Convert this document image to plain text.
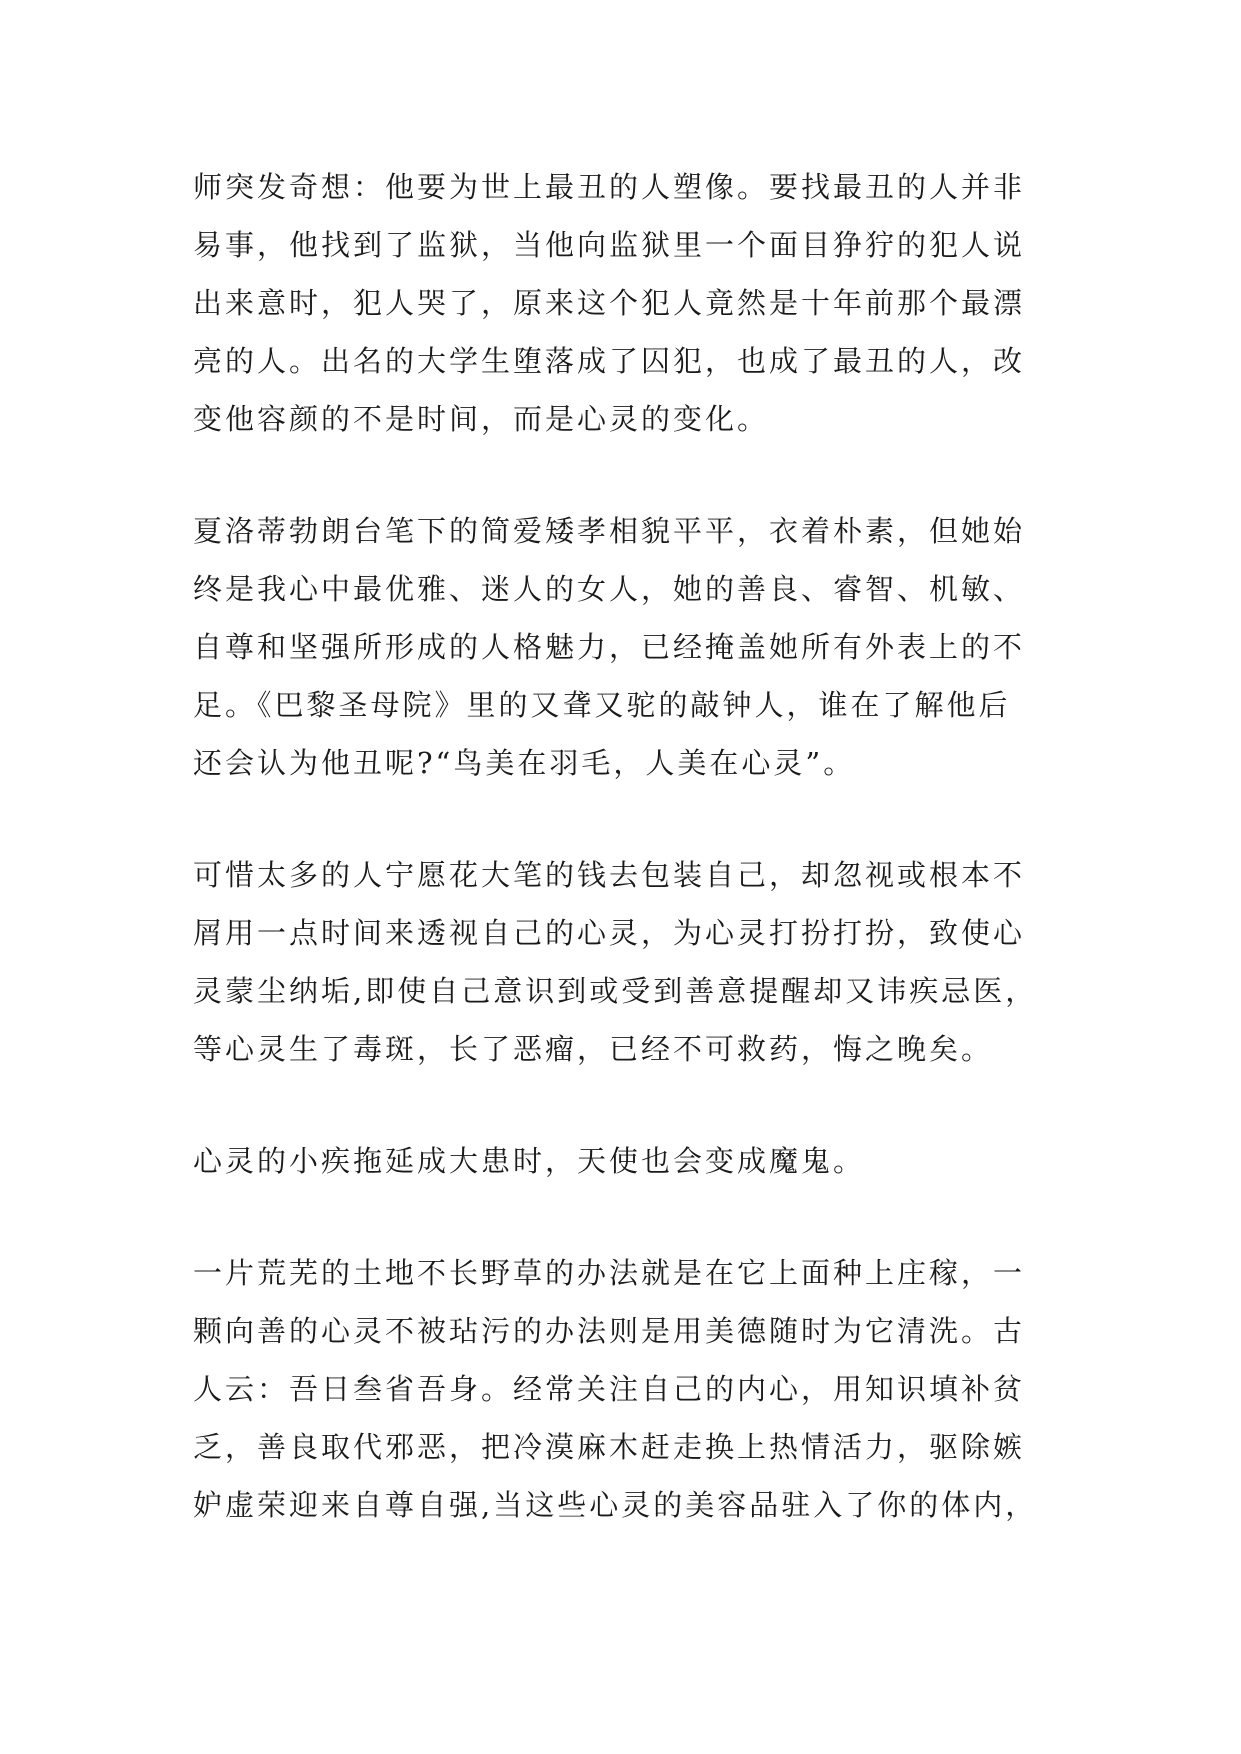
师突发奇想：他要为世上最丑的人塑像。要找最丑的人并非
易事，他找到了监狱，当他向监狱里一个面目狰狞的犯人说
出来意时，犯人哭了，原来这个犯人竟然是十年前那个最漂
亮的人。出名的大学生堕落成了囚犯，也成了最丑的人，改
变他容颜的不是时间，而是心灵的变化。
夏洛蒂勃朗台笔下的简爱矮孝相貌平平，衣着朴素，但她始
终是我心中最优雅、迷人的女人，她的善良、睿智、机敏、
自尊和坚强所形成的人格魅力，已经掩盖她所有外表上的不
足。《巴黎圣母院》里的又聋又驼的敲钟人，谁在了解他后
还会认为他丑呢?“鸟美在羽毛，人美在心灵”。
可惜太多的人宁愿花大笔的钱去包装自己，却忽视或根本不
屑用一点时间来透视自己的心灵，为心灵打扮打扮，致使心
灵蒙尘纳垢,即使自己意识到或受到善意提醒却又讳疾忌医，
等心灵生了毒斑，长了恶瘤，已经不可救药，悔之晚矣。
心灵的小疾拖延成大患时，天使也会变成魔鬼。
一片荒芜的土地不长野草的办法就是在它上面种上庄稼，一
颗向善的心灵不被玷污的办法则是用美德随时为它清洗。古
人云：吾日叁省吾身。经常关注自己的内心，用知识填补贫
乏，善良取代邪恶，把冷漠麻木赶走换上热情活力，驱除嫉
妒虚荣迎来自尊自强,当这些心灵的美容品驻入了你的体内，
